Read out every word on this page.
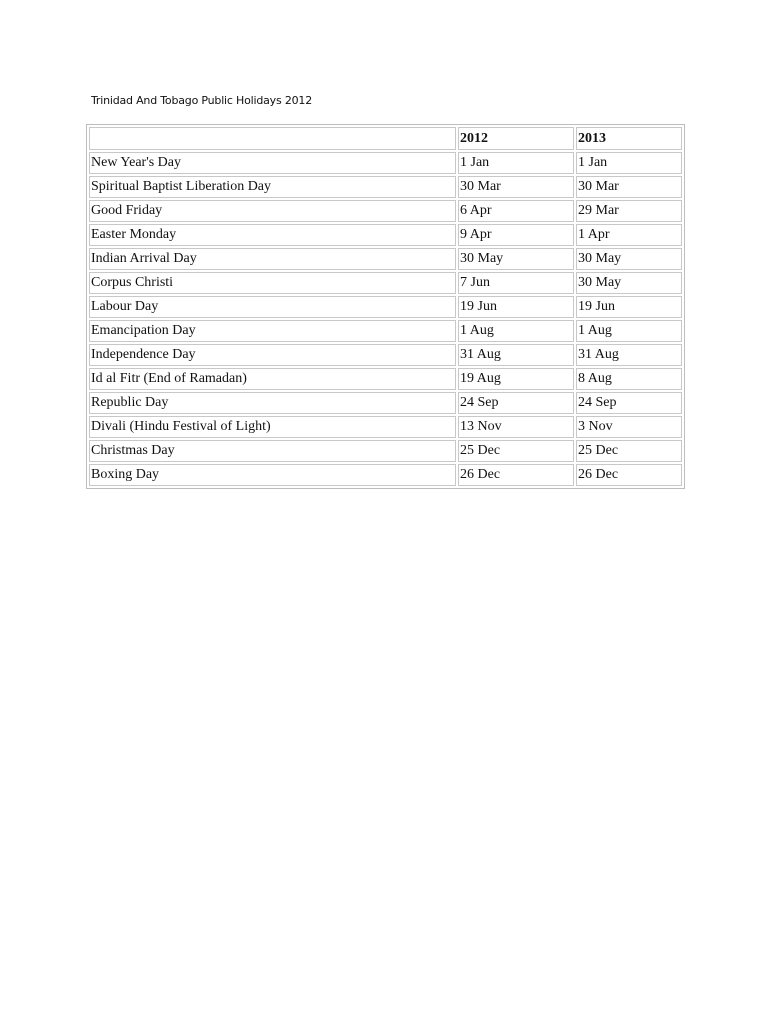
Trinidad And Tobago Public Holidays 2012
	2012	2013
New Year's Day	1 Jan	1 Jan
Spiritual Baptist Liberation Day	30 Mar	30 Mar
Good Friday	6 Apr	29 Mar
Easter Monday	9 Apr	1 Apr
Indian Arrival Day	30 May	30 May
Corpus Christi	7 Jun	30 May
Labour Day	19 Jun	19 Jun
Emancipation Day	1 Aug	1 Aug
Independence Day	31 Aug	31 Aug
Id al Fitr (End of Ramadan)	19 Aug	8 Aug
Republic Day	24 Sep	24 Sep
Divali (Hindu Festival of Light)	13 Nov	3 Nov
Christmas Day	25 Dec	25 Dec
Boxing Day	26 Dec	26 Dec
